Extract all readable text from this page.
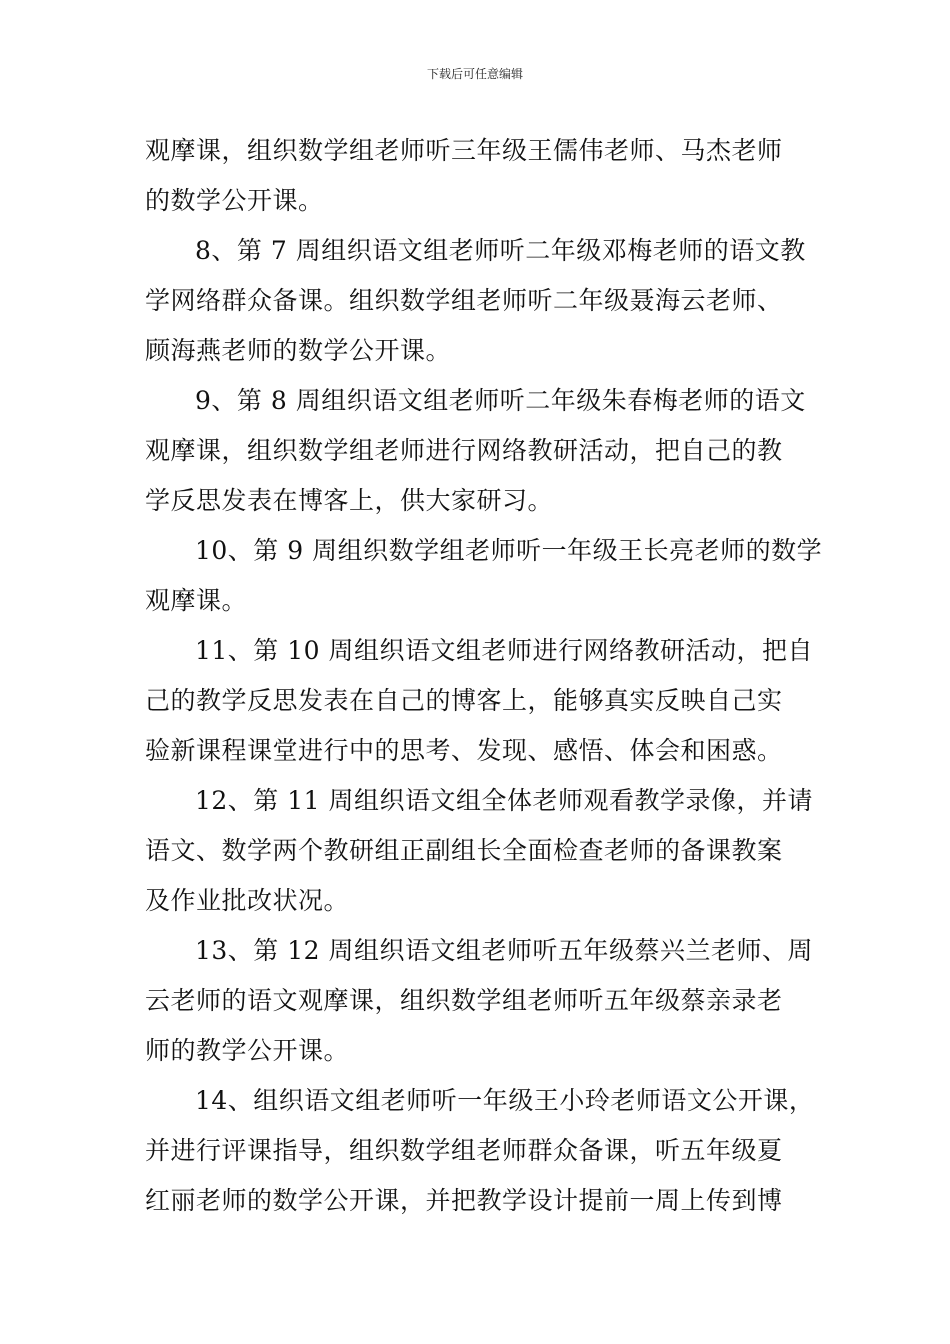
下载后可任意编辑
观摩课，组织数学组老师听三年级王儒伟老师、马杰老师
的数学公开课。
8、第 7 周组织语文组老师听二年级邓梅老师的语文教
学网络群众备课。组织数学组老师听二年级聂海云老师、
顾海燕老师的数学公开课。
9、第 8 周组织语文组老师听二年级朱春梅老师的语文
观摩课，组织数学组老师进行网络教研活动，把自己的教
学反思发表在博客上，供大家研习。
10、第 9 周组织数学组老师听一年级王长亮老师的数学
观摩课。
11、第 10 周组织语文组老师进行网络教研活动，把自
己的教学反思发表在自己的博客上，能够真实反映自己实
验新课程课堂进行中的思考、发现、感悟、体会和困惑。
12、第 11 周组织语文组全体老师观看教学录像，并请
语文、数学两个教研组正副组长全面检查老师的备课教案
及作业批改状况。
13、第 12 周组织语文组老师听五年级蔡兴兰老师、周
云老师的语文观摩课，组织数学组老师听五年级蔡亲录老
师的教学公开课。
14、组织语文组老师听一年级王小玲老师语文公开课，
并进行评课指导，组织数学组老师群众备课，听五年级夏
红丽老师的数学公开课，并把教学设计提前一周上传到博
